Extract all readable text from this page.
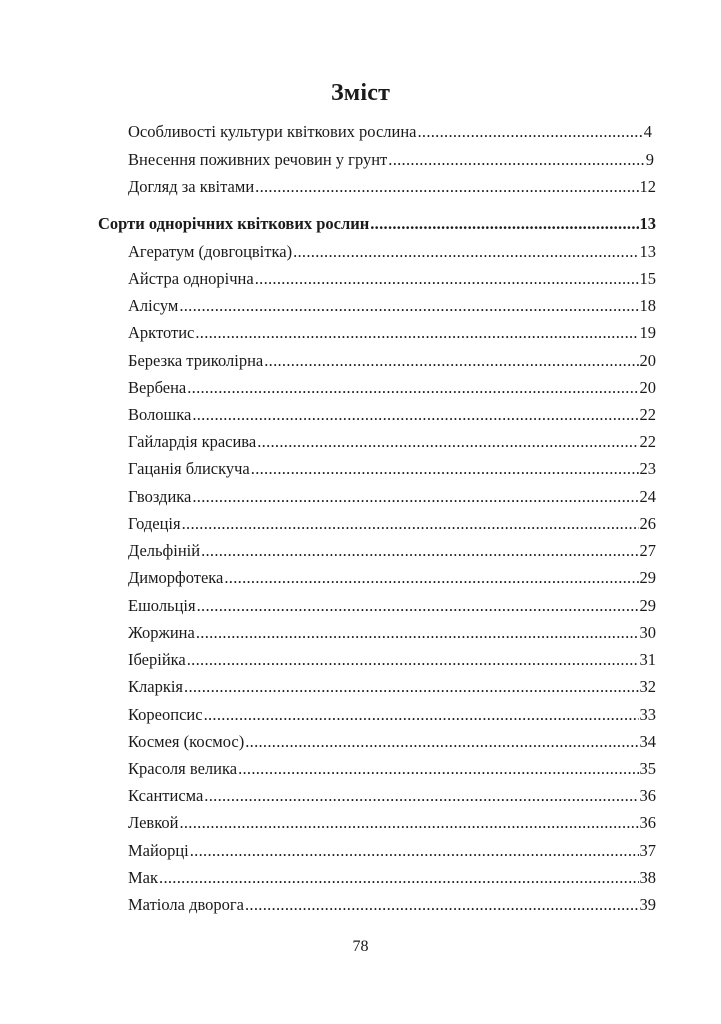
Зміст
Особливості культури квіткових рослина .....	4
Внесення поживних речовин у грунт .....	9
Догляд за квітами .....	12
Сорти однорічних квіткових рослин .....	13
Агератум (довгоцвітка) .....	13
Айстра однорічна .....	15
Алісум .....	18
Арктотис .....	19
Березка триколірна .....	20
Вербена .....	20
Волошка .....	22
Гайлардія красива .....	22
Гацанія блискуча .....	23
Гвоздика .....	24
Годеція .....	26
Дельфіній .....	27
Диморфотека .....	29
Ешольція .....	29
Жоржина .....	30
Іберійка .....	31
Кларкія .....	32
Кореопсис .....	33
Космея (космос) .....	34
Красоля велика .....	35
Ксантисма .....	36
Левкой .....	36
Майорці .....	37
Мак .....	38
Матіола дворога .....	39
78
